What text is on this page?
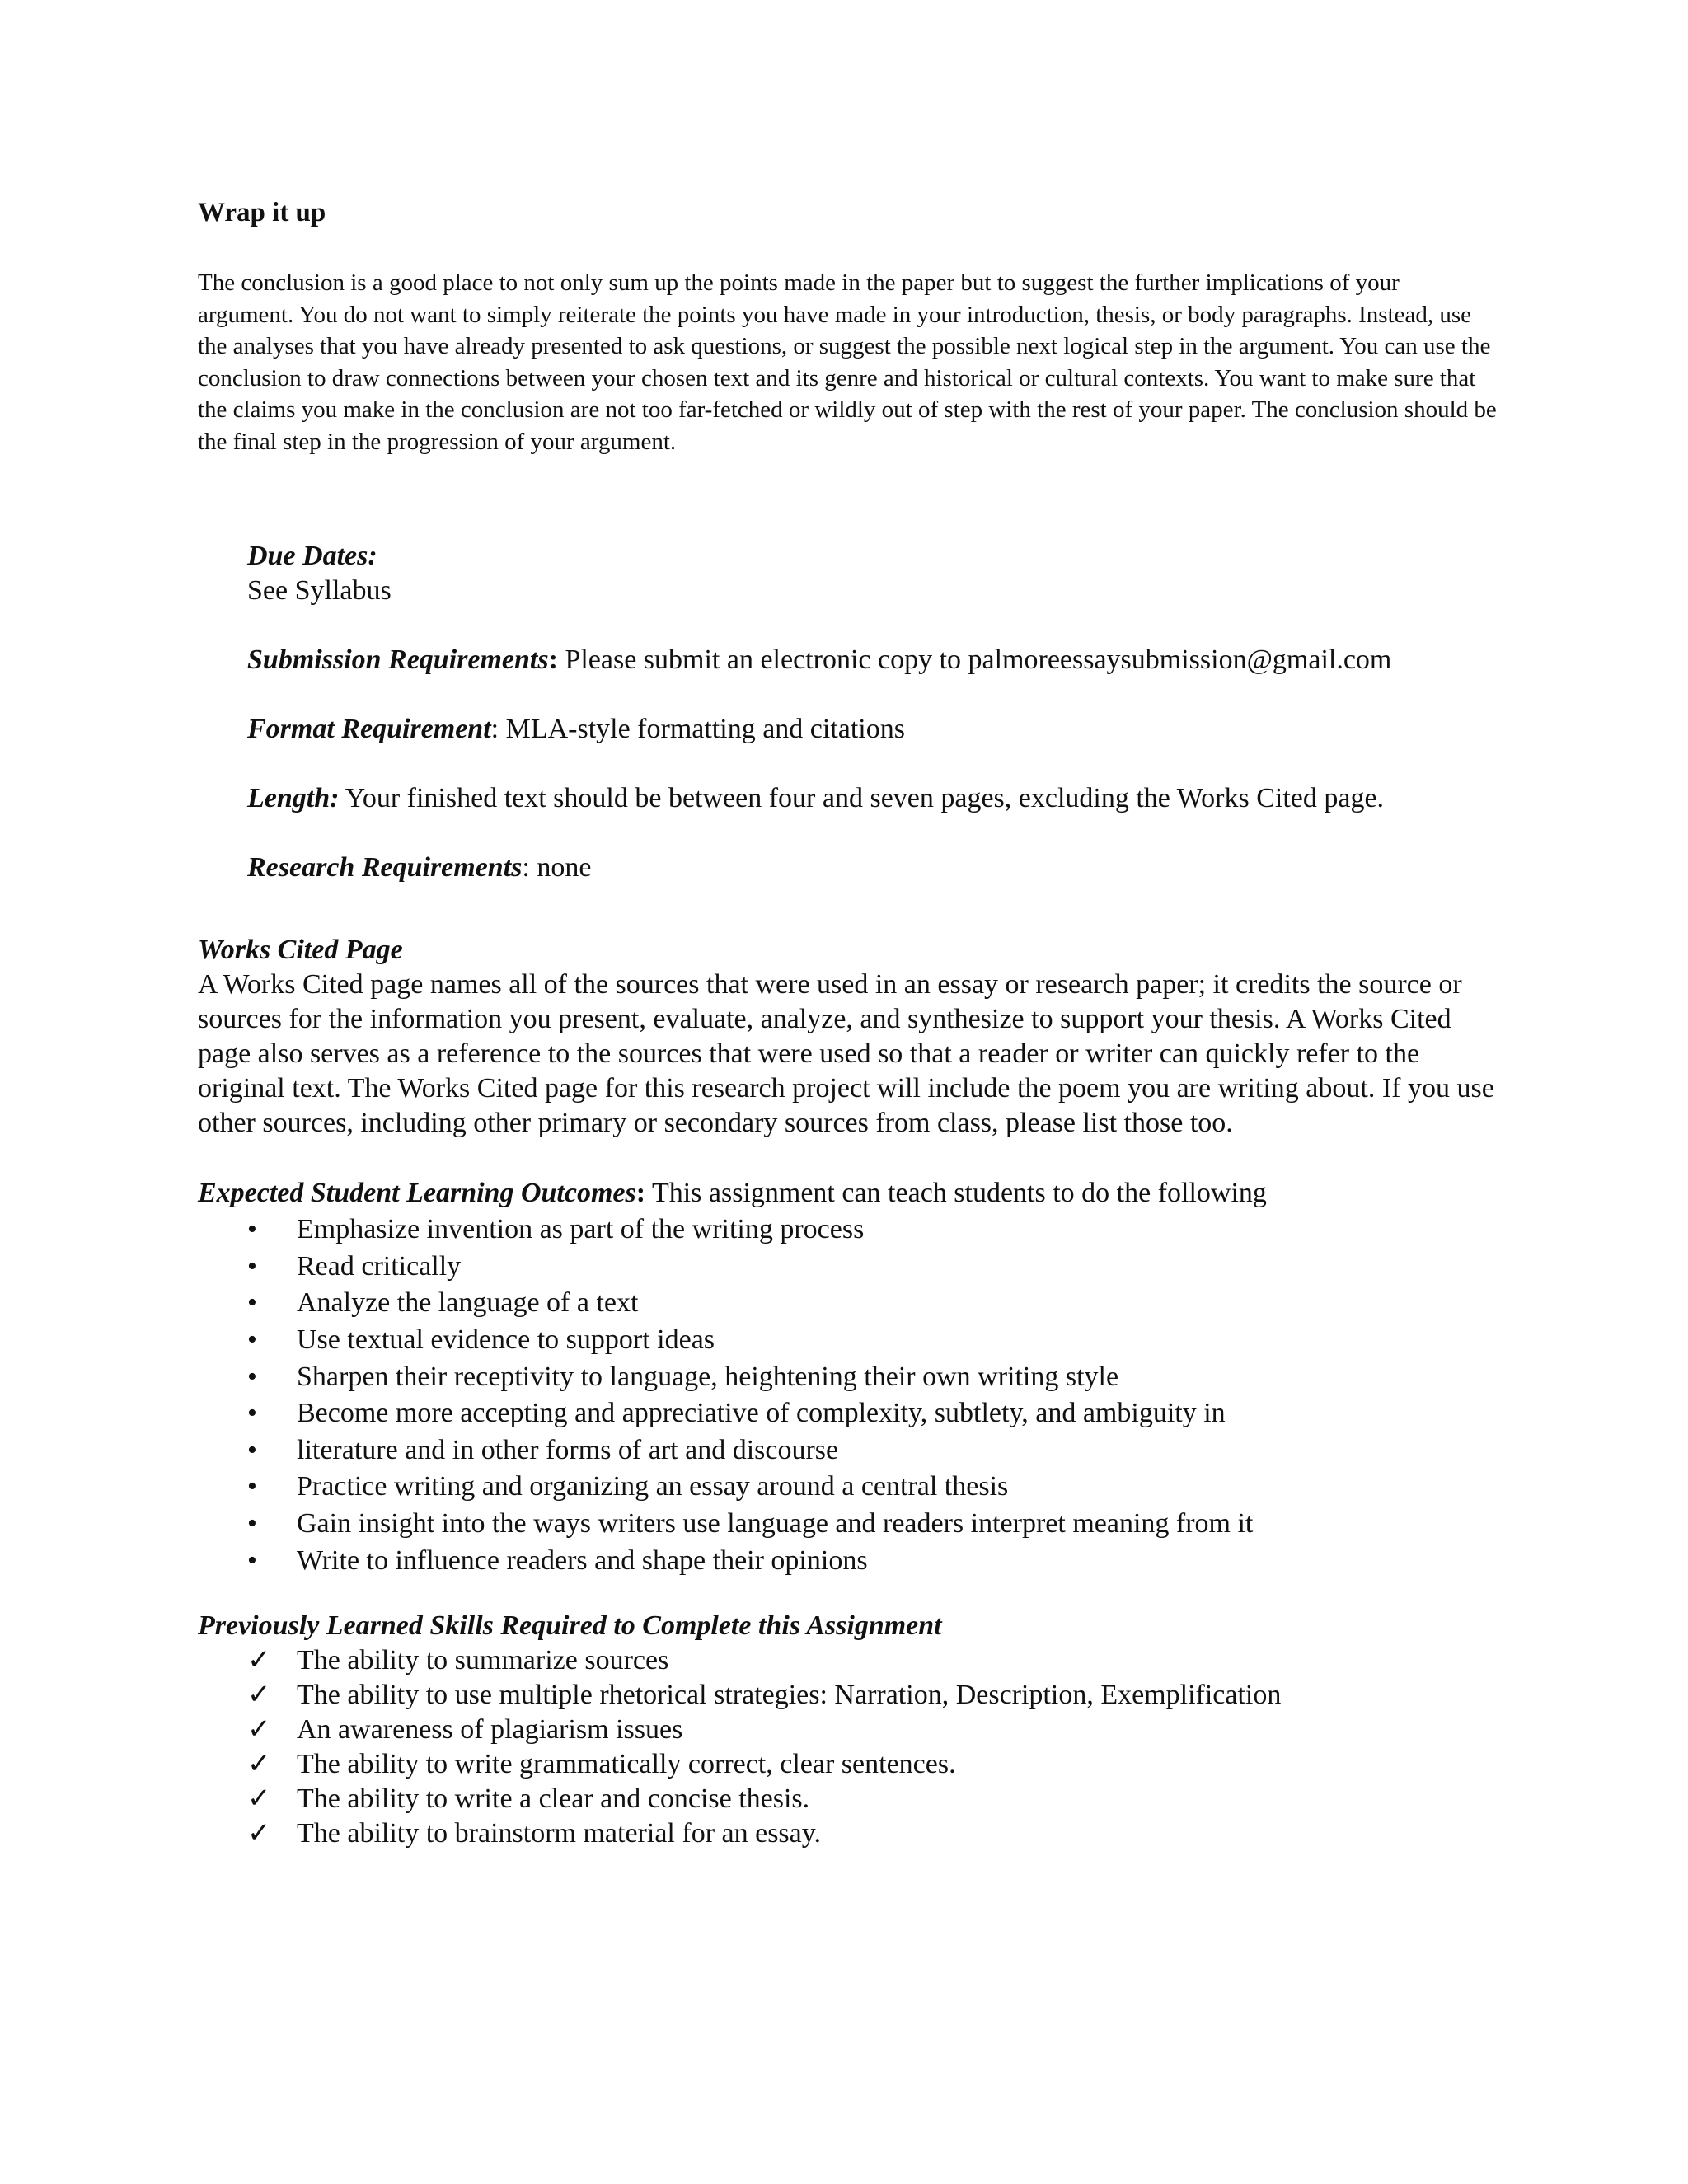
Wrap it up

The conclusion is a good place to not only sum up the points made in the paper but to suggest the further implications of your argument. You do not want to simply reiterate the points you have made in your introduction, thesis, or body paragraphs. Instead, use the analyses that you have already presented to ask questions, or suggest the possible next logical step in the argument. You can use the conclusion to draw connections between your chosen text and its genre and historical or cultural contexts. You want to make sure that the claims you make in the conclusion are not too far-fetched or wildly out of step with the rest of your paper. The conclusion should be the final step in the progression of your argument.

Due Dates:
See Syllabus
Submission Requirements: Please submit an electronic copy to palmoreessaysubmission@gmail.com
Format Requirement: MLA-style formatting and citations
Length: Your finished text should be between four and seven pages, excluding the Works Cited page.
Research Requirements: none

Works Cited Page

A Works Cited page names all of the sources that were used in an essay or research paper; it credits the source or sources for the information you present, evaluate, analyze, and synthesize to support your thesis. A Works Cited page also serves as a reference to the sources that were used so that a reader or writer can quickly refer to the original text. The Works Cited page for this research project will include the poem you are writing about. If you use other sources, including other primary or secondary sources from class, please list those too.

Expected Student Learning Outcomes: This assignment can teach students to do the following

•	Emphasize invention as part of the writing process
•	Read critically
•	Analyze the language of a text
•	Use textual evidence to support ideas
•	Sharpen their receptivity to language, heightening their own writing style
•	Become more accepting and appreciative of complexity, subtlety, and ambiguity in
•	literature and in other forms of art and discourse
•	Practice writing and organizing an essay around a central thesis
•	Gain insight into the ways writers use language and readers interpret meaning from it
•	Write to influence readers and shape their opinions

Previously Learned Skills Required to Complete this Assignment

✓ The ability to summarize sources
✓ The ability to use multiple rhetorical strategies: Narration, Description, Exemplification
✓ An awareness of plagiarism issues
✓ The ability to write grammatically correct, clear sentences.
✓ The ability to write a clear and concise thesis.
✓ The ability to brainstorm material for an essay.
